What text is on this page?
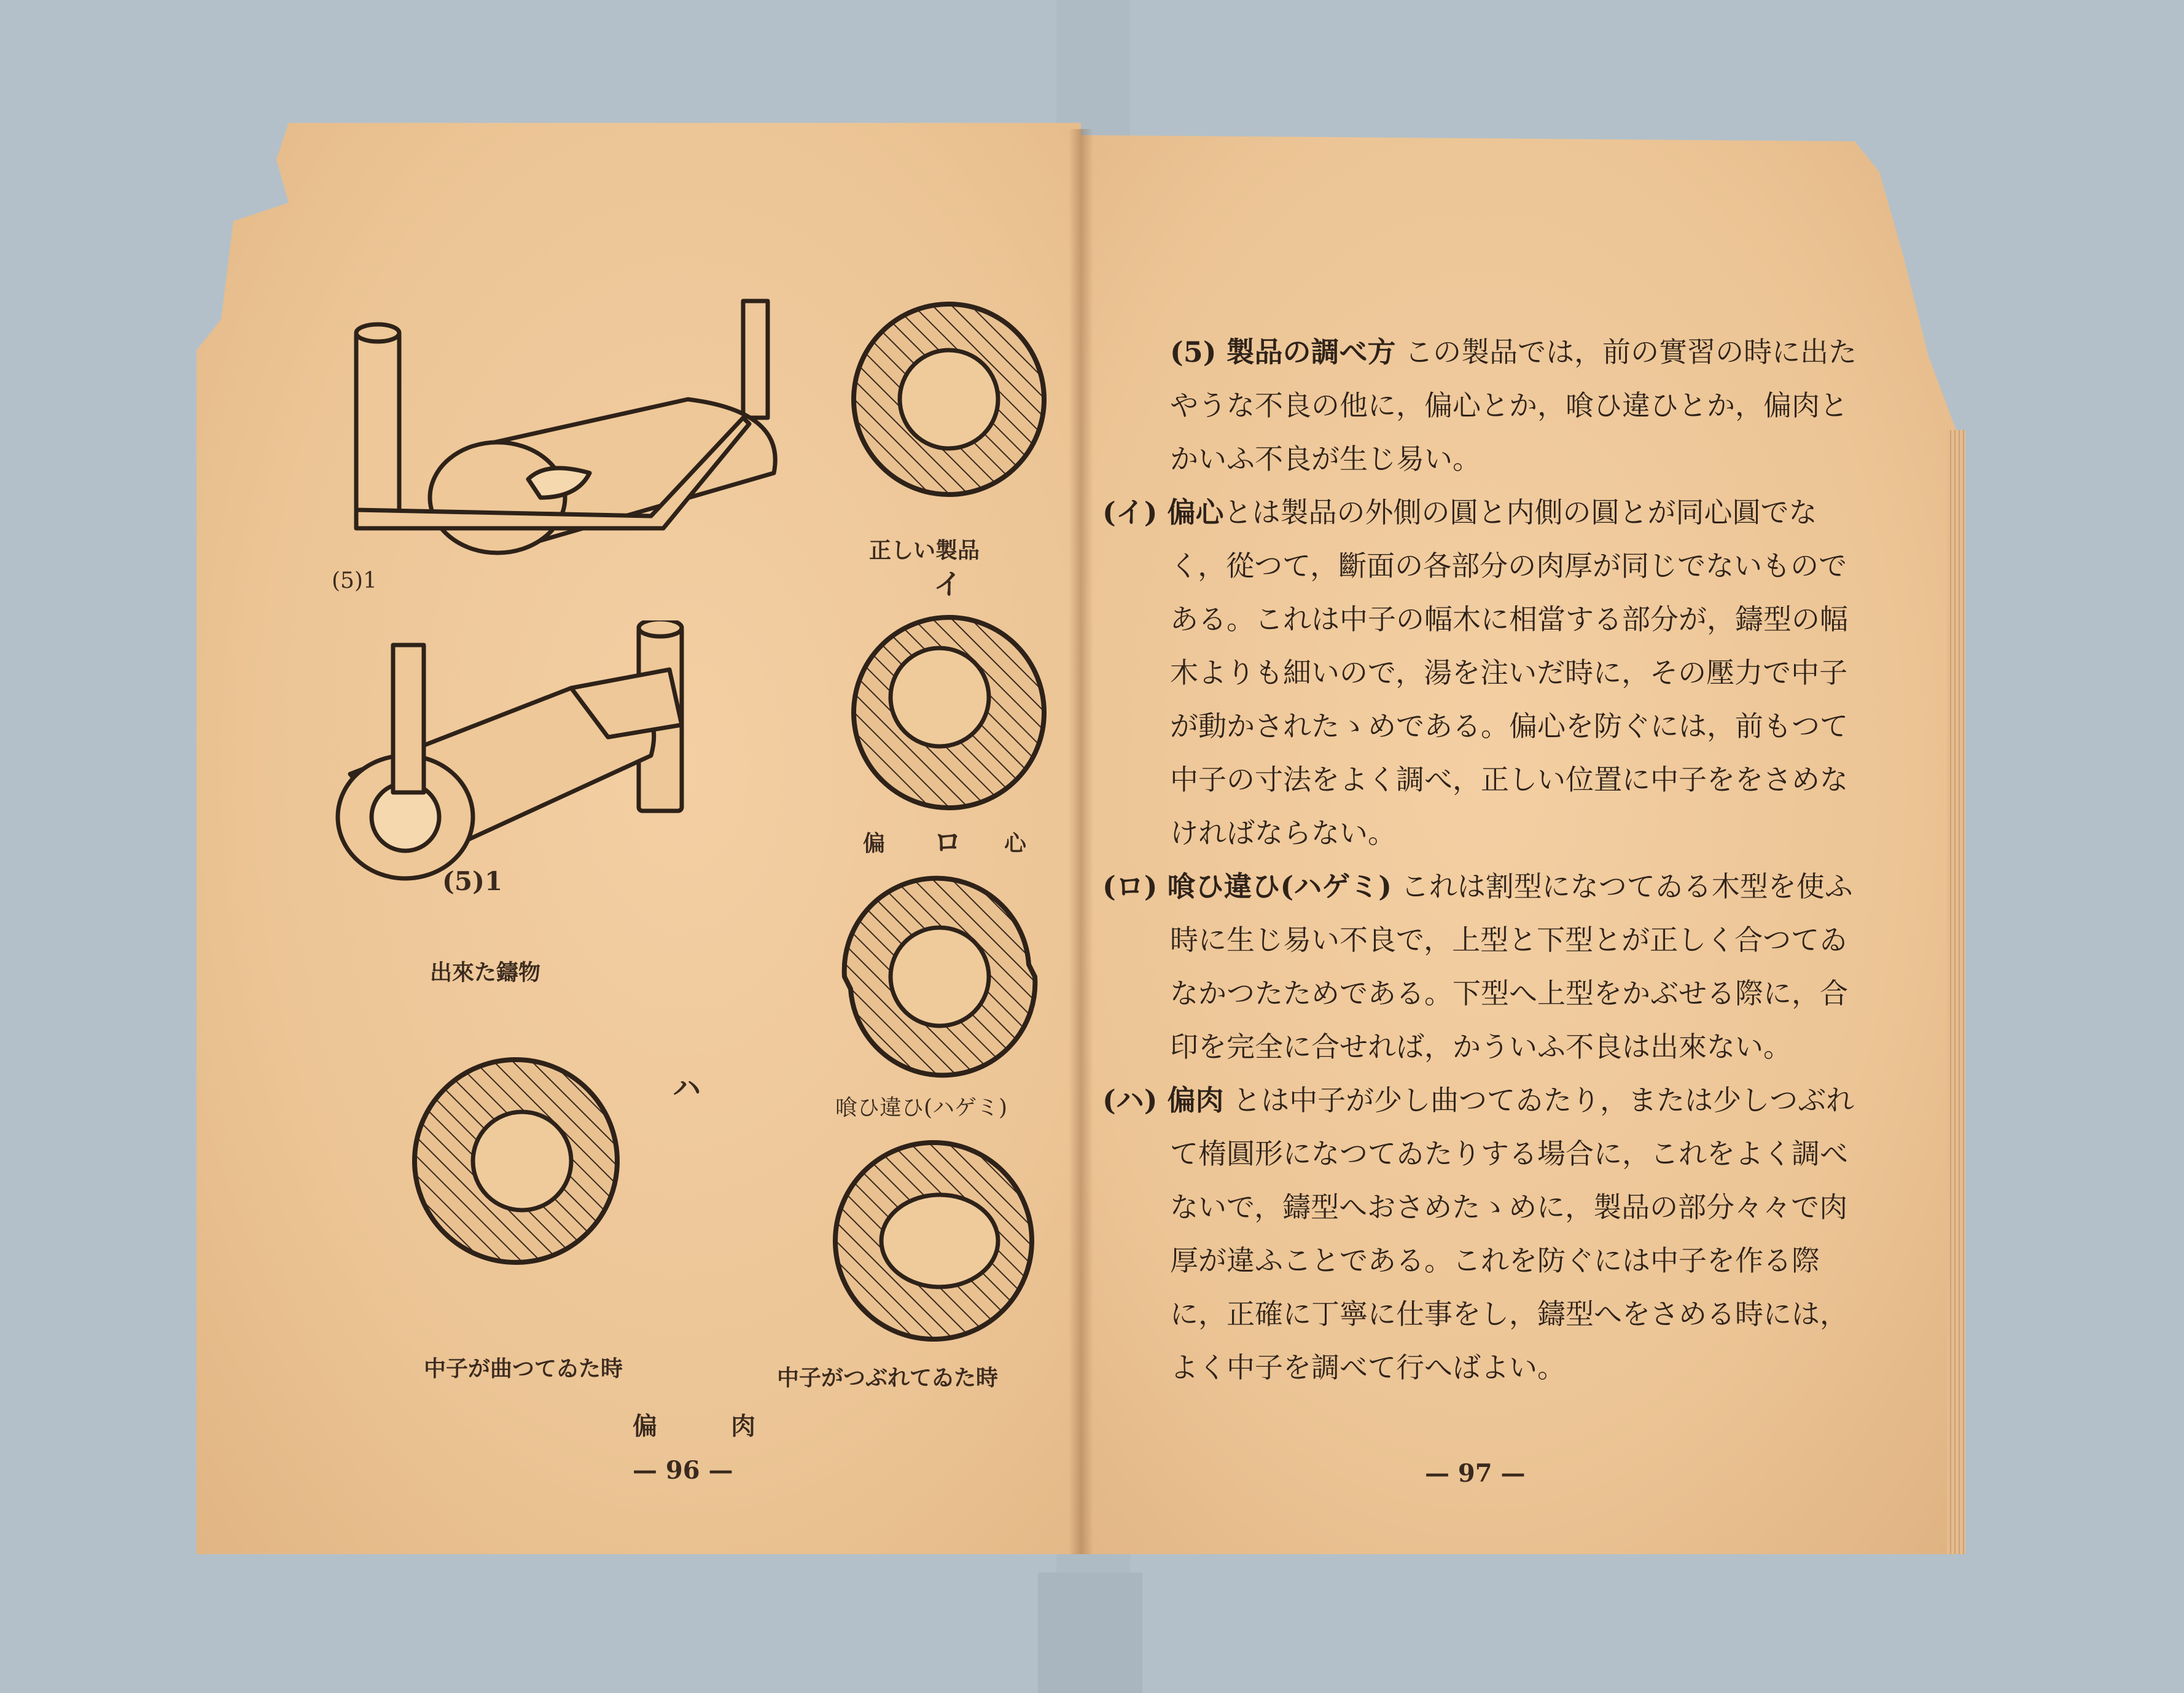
(5)1
(5)1
出來た鑄物
正しい製品
イ
偏 ロ 心
喰ひ違ひ(ハゲミ)
ハ
中子が曲つてゐた時	中子がつぶれてゐた時
偏	肉
— 96 —

(5) 製品の調べ方 この製品では，前の實習の時に出たやうな不良の他に，偏心とか，喰ひ違ひとか，偏肉とかいふ不良が生じ易い。

(イ) 偏心とは製品の外側の圓と内側の圓とが同心圓でなく，從つて，斷面の各部分の肉厚が同じでないものである。これは中子の幅木に相當する部分が，鑄型の幅木よりも細いので，湯を注いだ時に，その壓力で中子が動かされたゝめである。偏心を防ぐには，前もつて中子の寸法をよく調べ，正しい位置に中子ををさめなければならない。

(ロ) 喰ひ違ひ(ハゲミ) これは割型になつてゐる木型を使ふ時に生じ易い不良で，上型と下型とが正しく合つてゐなかつたためである。下型へ上型をかぶせる際に，合印を完全に合せれば，かういふ不良は出來ない。

(ハ) 偏肉 とは中子が少し曲つてゐたり，または少しつぶれて楕圓形になつてゐたりする場合に，これをよく調べないで，鑄型へおさめたゝめに，製品の部分々々で肉厚が違ふことである。これを防ぐには中子を作る際に，正確に丁寧に仕事をし，鑄型へをさめる時には，よく中子を調べて行へばよい。

— 97 —
